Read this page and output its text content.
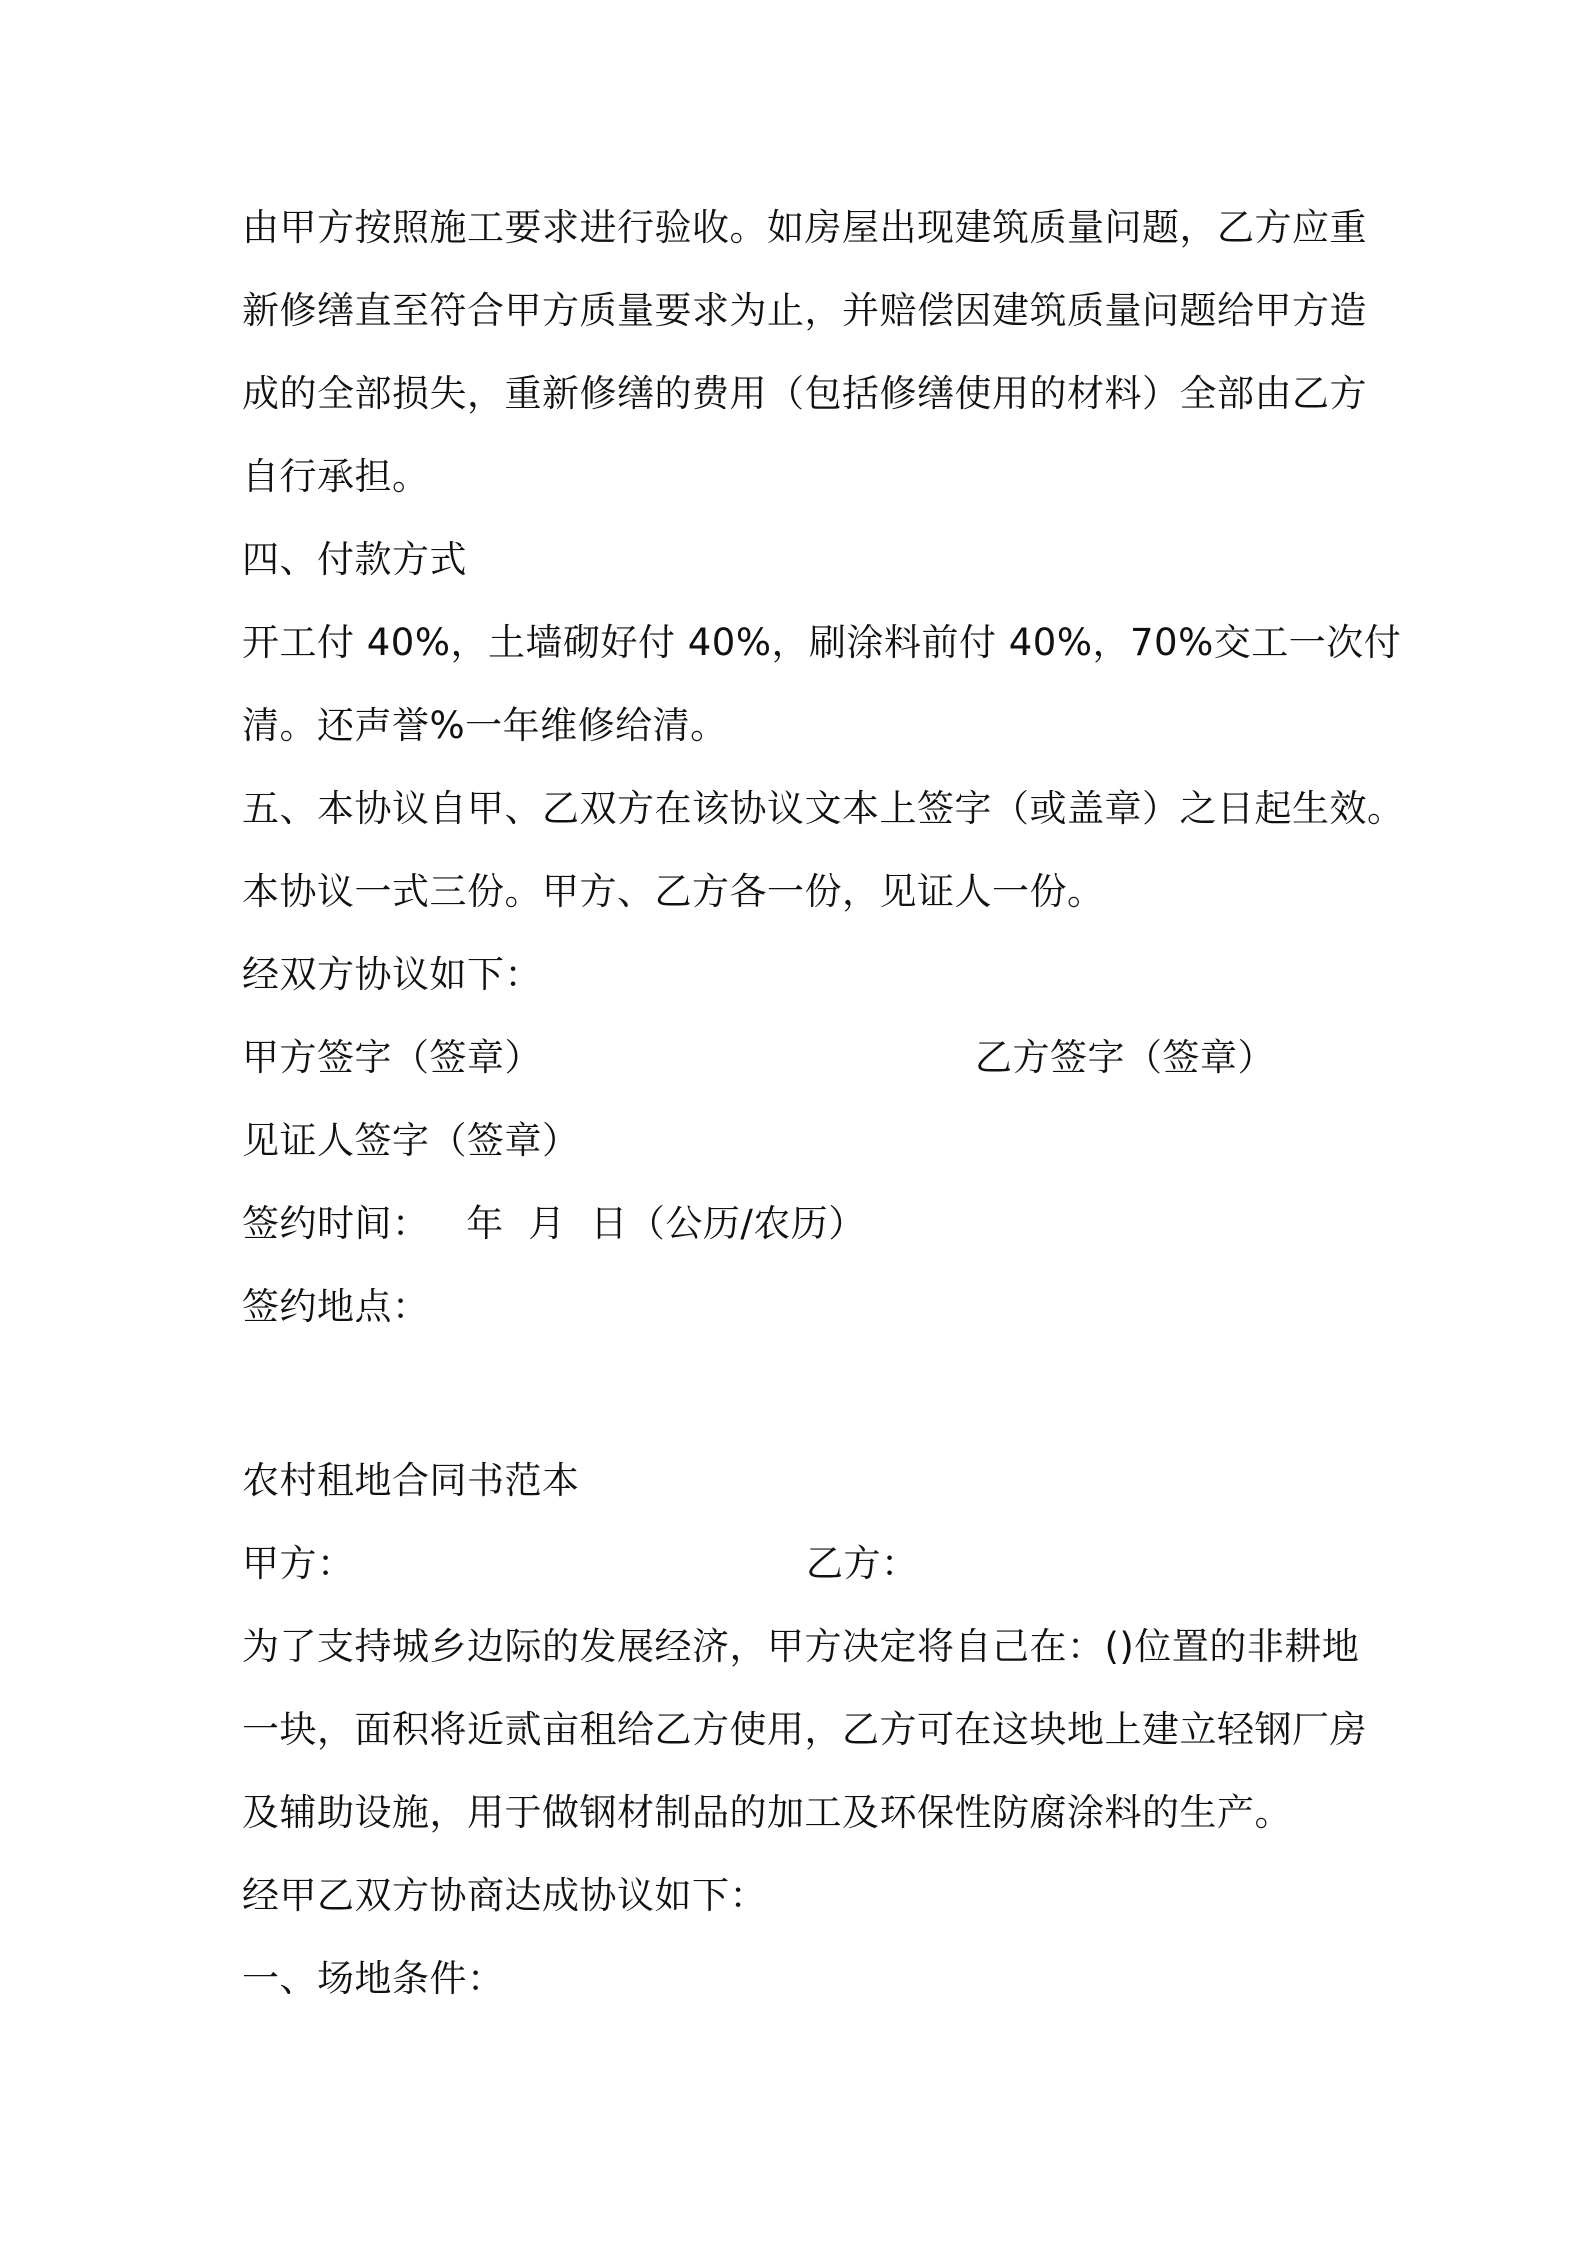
由甲方按照施工要求进行验收。如房屋出现建筑质量问题，乙方应重
新修缮直至符合甲方质量要求为止，并赔偿因建筑质量问题给甲方造
成的全部损失，重新修缮的费用（包括修缮使用的材料）全部由乙方
自行承担。
四、付款方式
开工付 40%，土墙砌好付 40%，刷涂料前付 40%，70%交工一次付
清。还声誉%一年维修给清。
五、本协议自甲、乙双方在该协议文本上签字（或盖章）之日起生效。
本协议一式三份。甲方、乙方各一份，见证人一份。
经双方协议如下：
甲方签字（签章）	乙方签字（签章）
见证人签字（签章）
签约时间：   年  月  日（公历/农历）
签约地点：
农村租地合同书范本
甲方：	乙方：
为了支持城乡边际的发展经济，甲方决定将自己在：()位置的非耕地
一块，面积将近贰亩租给乙方使用，乙方可在这块地上建立轻钢厂房
及辅助设施，用于做钢材制品的加工及环保性防腐涂料的生产。
经甲乙双方协商达成协议如下：
一、场地条件：
